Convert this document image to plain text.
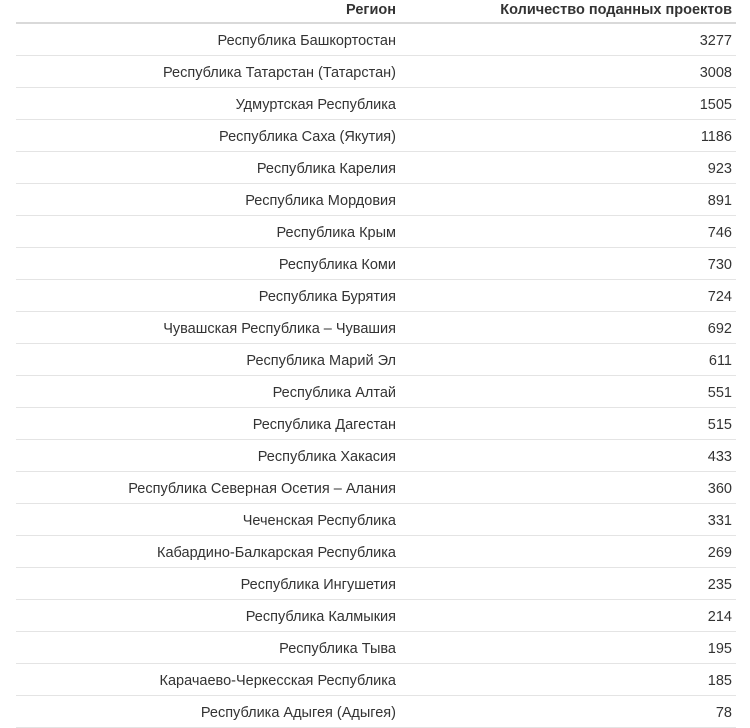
Регион	Количество поданных проектов
Республика Башкортостан	3277
Республика Татарстан (Татарстан)	3008
Удмуртская Республика	1505
Республика Саха (Якутия)	1186
Республика Карелия	923
Республика Мордовия	891
Республика Крым	746
Республика Коми	730
Республика Бурятия	724
Чувашская Республика – Чувашия	692
Республика Марий Эл	611
Республика Алтай	551
Республика Дагестан	515
Республика Хакасия	433
Республика Северная Осетия – Алания	360
Чеченская Республика	331
Кабардино-Балкарская Республика	269
Республика Ингушетия	235
Республика Калмыкия	214
Республика Тыва	195
Карачаево-Черкесская Республика	185
Республика Адыгея (Адыгея)	78
